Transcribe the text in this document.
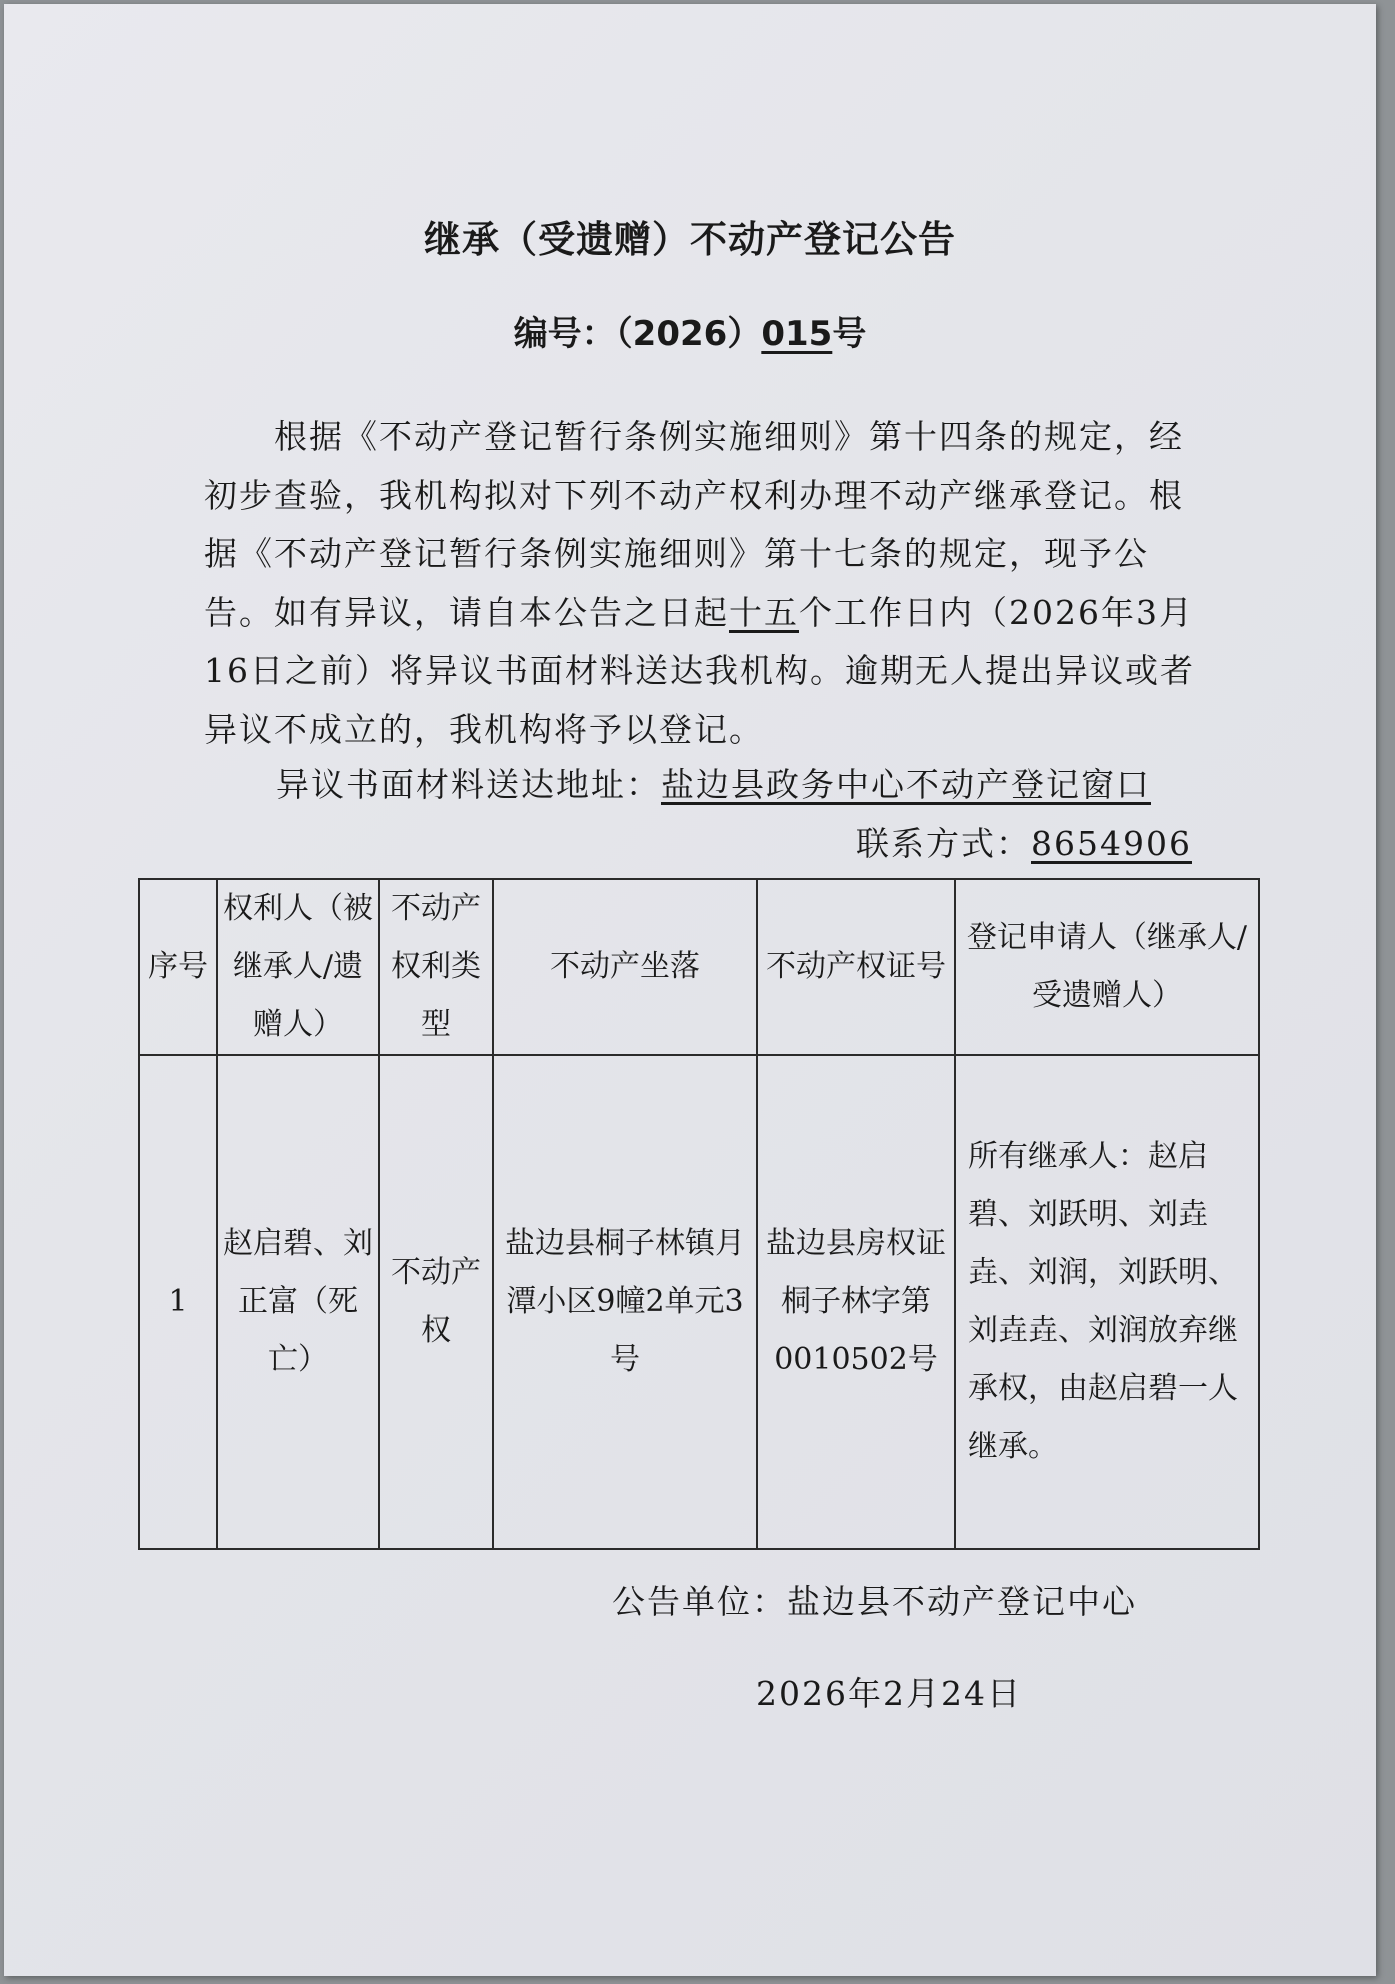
继承（受遗赠）不动产登记公告
编号：（2026）015号

根据《不动产登记暂行条例实施细则》第十四条的规定，经初步查验，我机构拟对下列不动产权利办理不动产继承登记。根据《不动产登记暂行条例实施细则》第十七条的规定，现予公告。如有异议，请自本公告之日起十五个工作日内（2026年3月16日之前）将异议书面材料送达我机构。逾期无人提出异议或者异议不成立的，我机构将予以登记。

异议书面材料送达地址：盐边县政务中心不动产登记窗口
联系方式：8654906
序号	权利人（被继承人/遗赠人）	不动产权利类型	不动产坐落	不动产权证号	登记申请人（继承人/受遗赠人）
1	赵启碧、刘正富（死亡）	不动产权	盐边县桐子林镇月潭小区9幢2单元3号	盐边县房权证桐子林字第0010502号	所有继承人：赵启碧、刘跃明、刘垚垚、刘润，刘跃明、刘垚垚、刘润放弃继承权，由赵启碧一人继承。
公告单位：盐边县不动产登记中心
2026年2月24日
